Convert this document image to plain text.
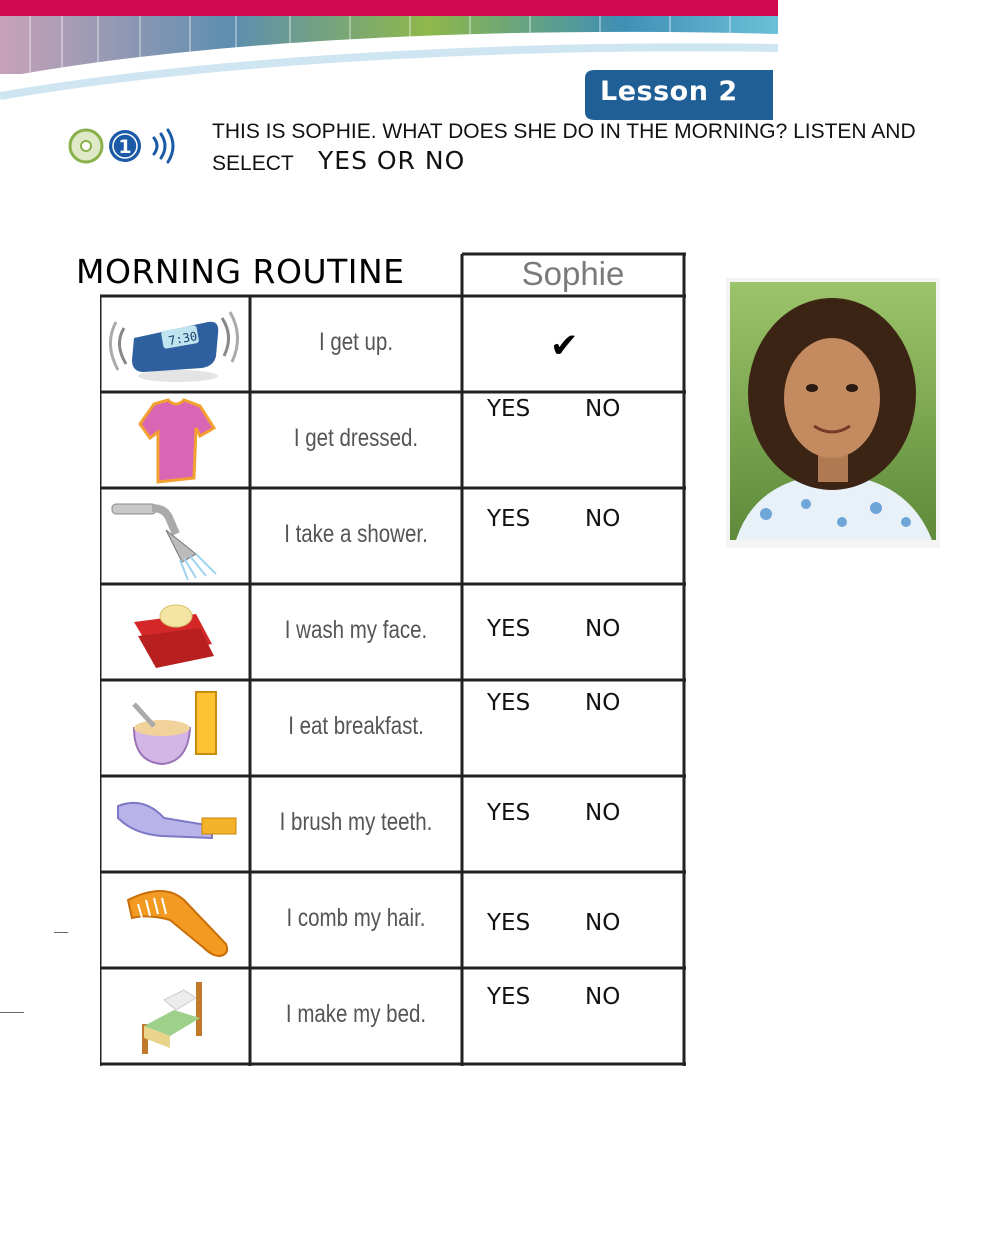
Lesson 2
1
THIS IS SOPHIE. WHAT DOES SHE DO IN THE MORNING? LISTEN AND
SELECT YES OR NO
MORNING ROUTINE	Sophie
7:30	I get up.
I get dressed.
I take a shower.
I wash my face.
I eat breakfast.
I brush my teeth.
I comb my hair.
I make my bed.
✔
YES NO
YES NO
YES NO
YES NO
YES NO
YES NO
YES NO
